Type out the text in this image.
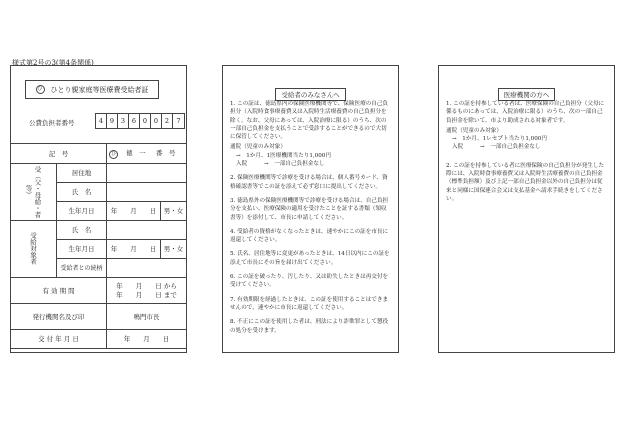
様式第2号の3(第4条関係)
ひ ひとり親家庭等医療費受給者証
公費負担者番号	4	9	3	6	0	0	2	7
記　号		ひ 徳　一 番　号	
受（父・母給・者等）	居住地		
	氏　名		
	生年月日	年　　月　　日	男・女
受給対象者	氏　名		
	生年月日	年　　月　　日	男・女
	受給者との続柄		
有 効 期 間		年　　月　　日 から
年　　月　　日 まで	

発行機関名及び印		鳴門市長	
交 付 年 月 日		年　　月　　日	
受給者のみなさんへ

1. この証は、徳島県内の保険医療機関等で、保険医療の自己負担分（入院時食事療養費又は入院時生活療養費の自己負担分を除く。なお、父母にあっては、入院治療に限る）のうち、次の一部自己負担金を支払うことで受診することができるので大切に保管してください。

通院（児童のみ対象）
→　1か月、1医療機関当たり1,000円
入院	→　一部自己負担金なし

2. 保険医療機関等で診療を受ける場合は、個人番号カード、資格確認書等でこの証を添えて必ず窓口に提出してください。

3. 徳島県外の保険医療機関等で診療を受ける場合は、自己負担分を支払い、医療保険の適用を受けたことを証する書類（領収書等）を添付して、市長に申請してください。

4. 受給者の資格がなくなったときは、速やかにこの証を市長に返還してください。

5. 氏名、居住地等に変更があったときは、14日以内にこの証を添えて市長にその旨を届け出てください。

6. この証を破ったり、汚したり、又は紛失したときは再交付を受けてください。

7. 有効期限を経過したときは、この証を使用することはできませんので、速やかに市長に返還してください。

8. 不正にこの証を使用した者は、刑法により詐欺罪として懲役の処分を受けます。

医療機関の方へ

1. この証を持参している者は、医療保険の自己負担分（父母に係るものにあっては、入院治療に限る）のうち、次の一部自己負担金を除いて、市より助成される対象者です。

通院（児童のみ対象）
→　1か月、1レセプト当たり1,000円
入院	→　一部自己負担金なし

2. この証を持参している者に医療保険の自己負担分が発生した際には、入院時食事療養費又は入院時生活療養費の自己負担金（標準負担額）及び上記一部自己負担金以外の自己負担分は従来と同様に国保連合会又は支払基金へ請求手続きをしてください。
